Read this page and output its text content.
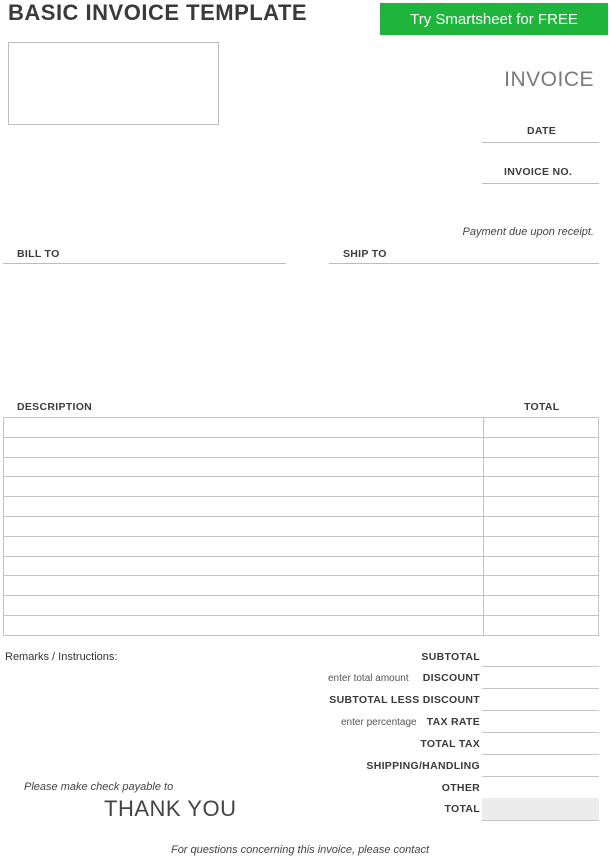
BASIC INVOICE TEMPLATE	Try Smartsheet for FREE
INVOICE
DATE
INVOICE NO.
Payment due upon receipt.
BILL TO	SHIP TO
DESCRIPTION	TOTAL

Remarks / Instructions:	SUBTOTAL
enter total amount DISCOUNT
SUBTOTAL LESS DISCOUNT
enter percentage TAX RATE
TOTAL TAX
SHIPPING/HANDLING
OTHER
TOTAL
Please make check payable to
THANK YOU
For questions concerning this invoice, please contact
